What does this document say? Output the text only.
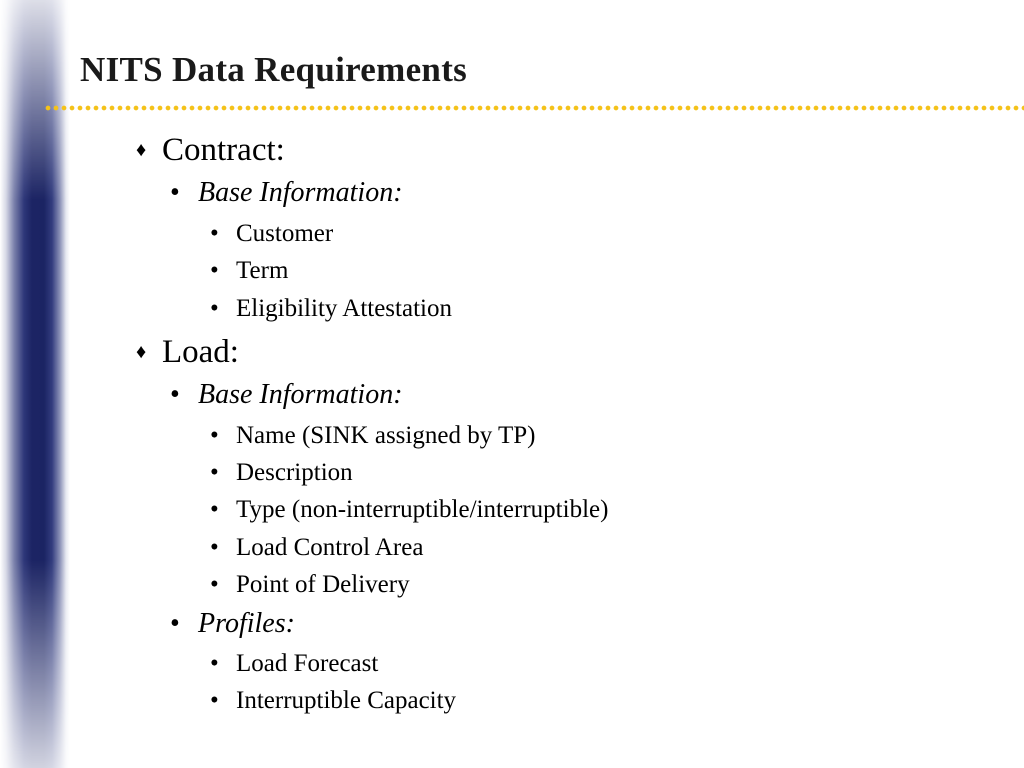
NITS Data Requirements
♦ Contract:
• Base Information:
• Customer
• Term
• Eligibility Attestation
♦ Load:
• Base Information:
• Name (SINK assigned by TP)
• Description
• Type (non-interruptible/interruptible)
• Load Control Area
• Point of Delivery
• Profiles:
• Load Forecast
• Interruptible Capacity
